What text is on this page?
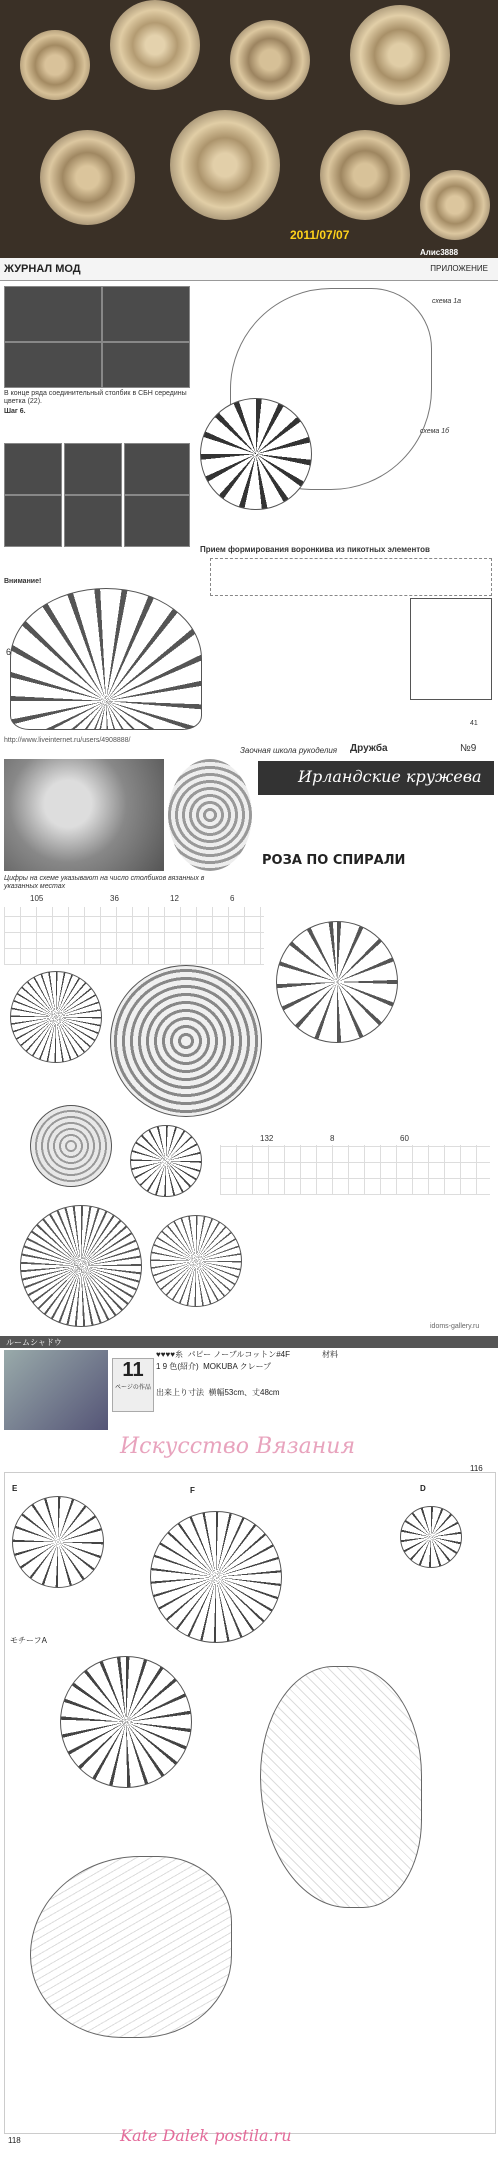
2011/07/07
Алис3888
ЖУРНАЛ МОД	ПРИЛОЖЕНИЕ
В конце ряда соединительный столбик в СБН середины цветка (22).
Шаг 6.
схема 1а
схема 1б
Прием формирования воронкива из пикотных элементов
Внимание!
6
41
http://www.liveinternet.ru/users/4908888/
Заочная школа рукоделия Дружба	№9
Ирландские кружева
РОЗА ПО СПИРАЛИ
Цифры на схеме указывают на число столбиков вязанных в указанных местах
105	36	12	6
132	8	60
idoms-gallery.ru
ルームシャドウ
11
ページの作品
♥♥♥♥糸  パピー ノーブルコットン#4F
1 9 色(紹介)  MOKUBA クレープ
出来上り寸法  横幅53cm、丈48cm
材料
Искусство Вязания
116
E	F	D
モチーフA
118	Kate Dalek postila.ru
